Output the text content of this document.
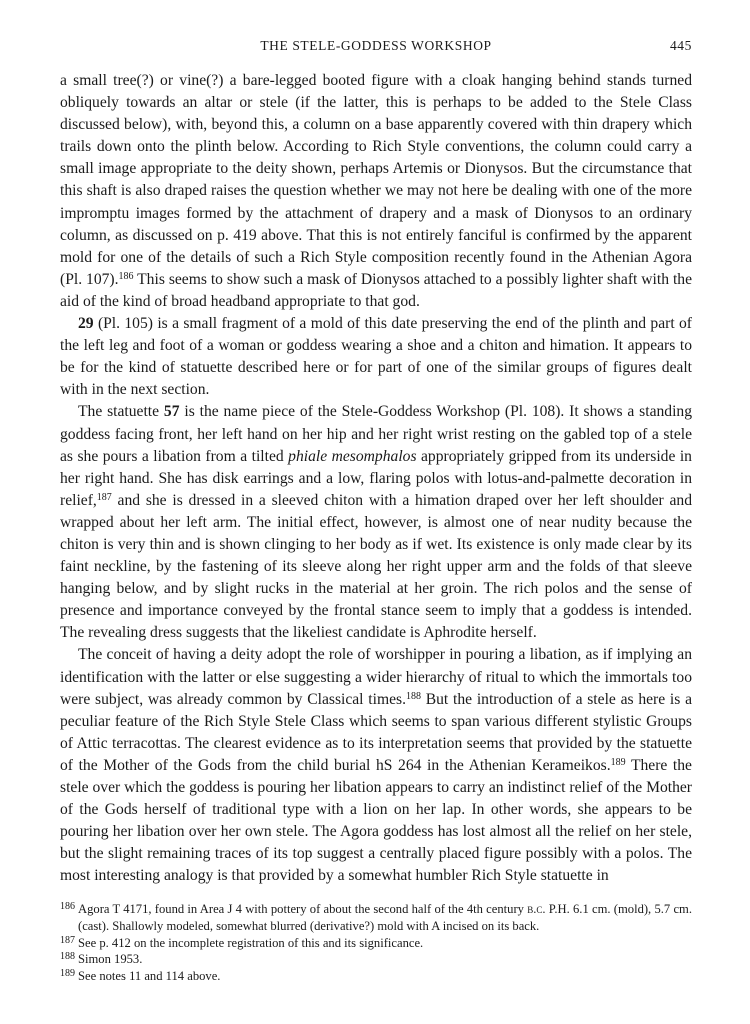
THE STELE-GODDESS WORKSHOP	445

a small tree(?) or vine(?) a bare-legged booted figure with a cloak hanging behind stands turned obliquely towards an altar or stele (if the latter, this is perhaps to be added to the Stele Class discussed below), with, beyond this, a column on a base apparently covered with thin drapery which trails down onto the plinth below. According to Rich Style conventions, the column could carry a small image appropriate to the deity shown, perhaps Artemis or Dionysos. But the circumstance that this shaft is also draped raises the question whether we may not here be dealing with one of the more impromptu images formed by the attachment of drapery and a mask of Dionysos to an ordinary column, as discussed on p. 419 above. That this is not entirely fanciful is confirmed by the apparent mold for one of the details of such a Rich Style composition recently found in the Athenian Agora (Pl. 107).$^{186}$ This seems to show such a mask of Dionysos attached to a possibly lighter shaft with the aid of the kind of broad headband appropriate to that god.

29 (Pl. 105) is a small fragment of a mold of this date preserving the end of the plinth and part of the left leg and foot of a woman or goddess wearing a shoe and a chiton and himation. It appears to be for the kind of statuette described here or for part of one of the similar groups of figures dealt with in the next section.

The statuette 57 is the name piece of the Stele-Goddess Workshop (Pl. 108). It shows a standing goddess facing front, her left hand on her hip and her right wrist resting on the gabled top of a stele as she pours a libation from a tilted phiale mesomphalos appropriately gripped from its underside in her right hand. She has disk earrings and a low, flaring polos with lotus-and-palmette decoration in relief,$^{187}$ and she is dressed in a sleeved chiton with a himation draped over her left shoulder and wrapped about her left arm. The initial effect, however, is almost one of near nudity because the chiton is very thin and is shown clinging to her body as if wet. Its existence is only made clear by its faint neckline, by the fastening of its sleeve along her right upper arm and the folds of that sleeve hanging below, and by slight rucks in the material at her groin. The rich polos and the sense of presence and importance conveyed by the frontal stance seem to imply that a goddess is intended. The revealing dress suggests that the likeliest candidate is Aphrodite herself.

The conceit of having a deity adopt the role of worshipper in pouring a libation, as if implying an identification with the latter or else suggesting a wider hierarchy of ritual to which the immortals too were subject, was already common by Classical times.$^{188}$ But the introduction of a stele as here is a peculiar feature of the Rich Style Stele Class which seems to span various different stylistic Groups of Attic terracottas. The clearest evidence as to its interpretation seems that provided by the statuette of the Mother of the Gods from the child burial hS 264 in the Athenian Kerameikos.$^{189}$ There the stele over which the goddess is pouring her libation appears to carry an indistinct relief of the Mother of the Gods herself of traditional type with a lion on her lap. In other words, she appears to be pouring her libation over her own stele. The Agora goddess has lost almost all the relief on her stele, but the slight remaining traces of its top suggest a centrally placed figure possibly with a polos. The most interesting analogy is that provided by a somewhat humbler Rich Style statuette in

186 Agora T 4171, found in Area J 4 with pottery of about the second half of the 4th century b.c. P.H. 6.1 cm. (mold), 5.7 cm. (cast). Shallowly modeled, somewhat blurred (derivative?) mold with A incised on its back.
187 See p. 412 on the incomplete registration of this and its significance.
188 Simon 1953.
189 See notes 11 and 114 above.
